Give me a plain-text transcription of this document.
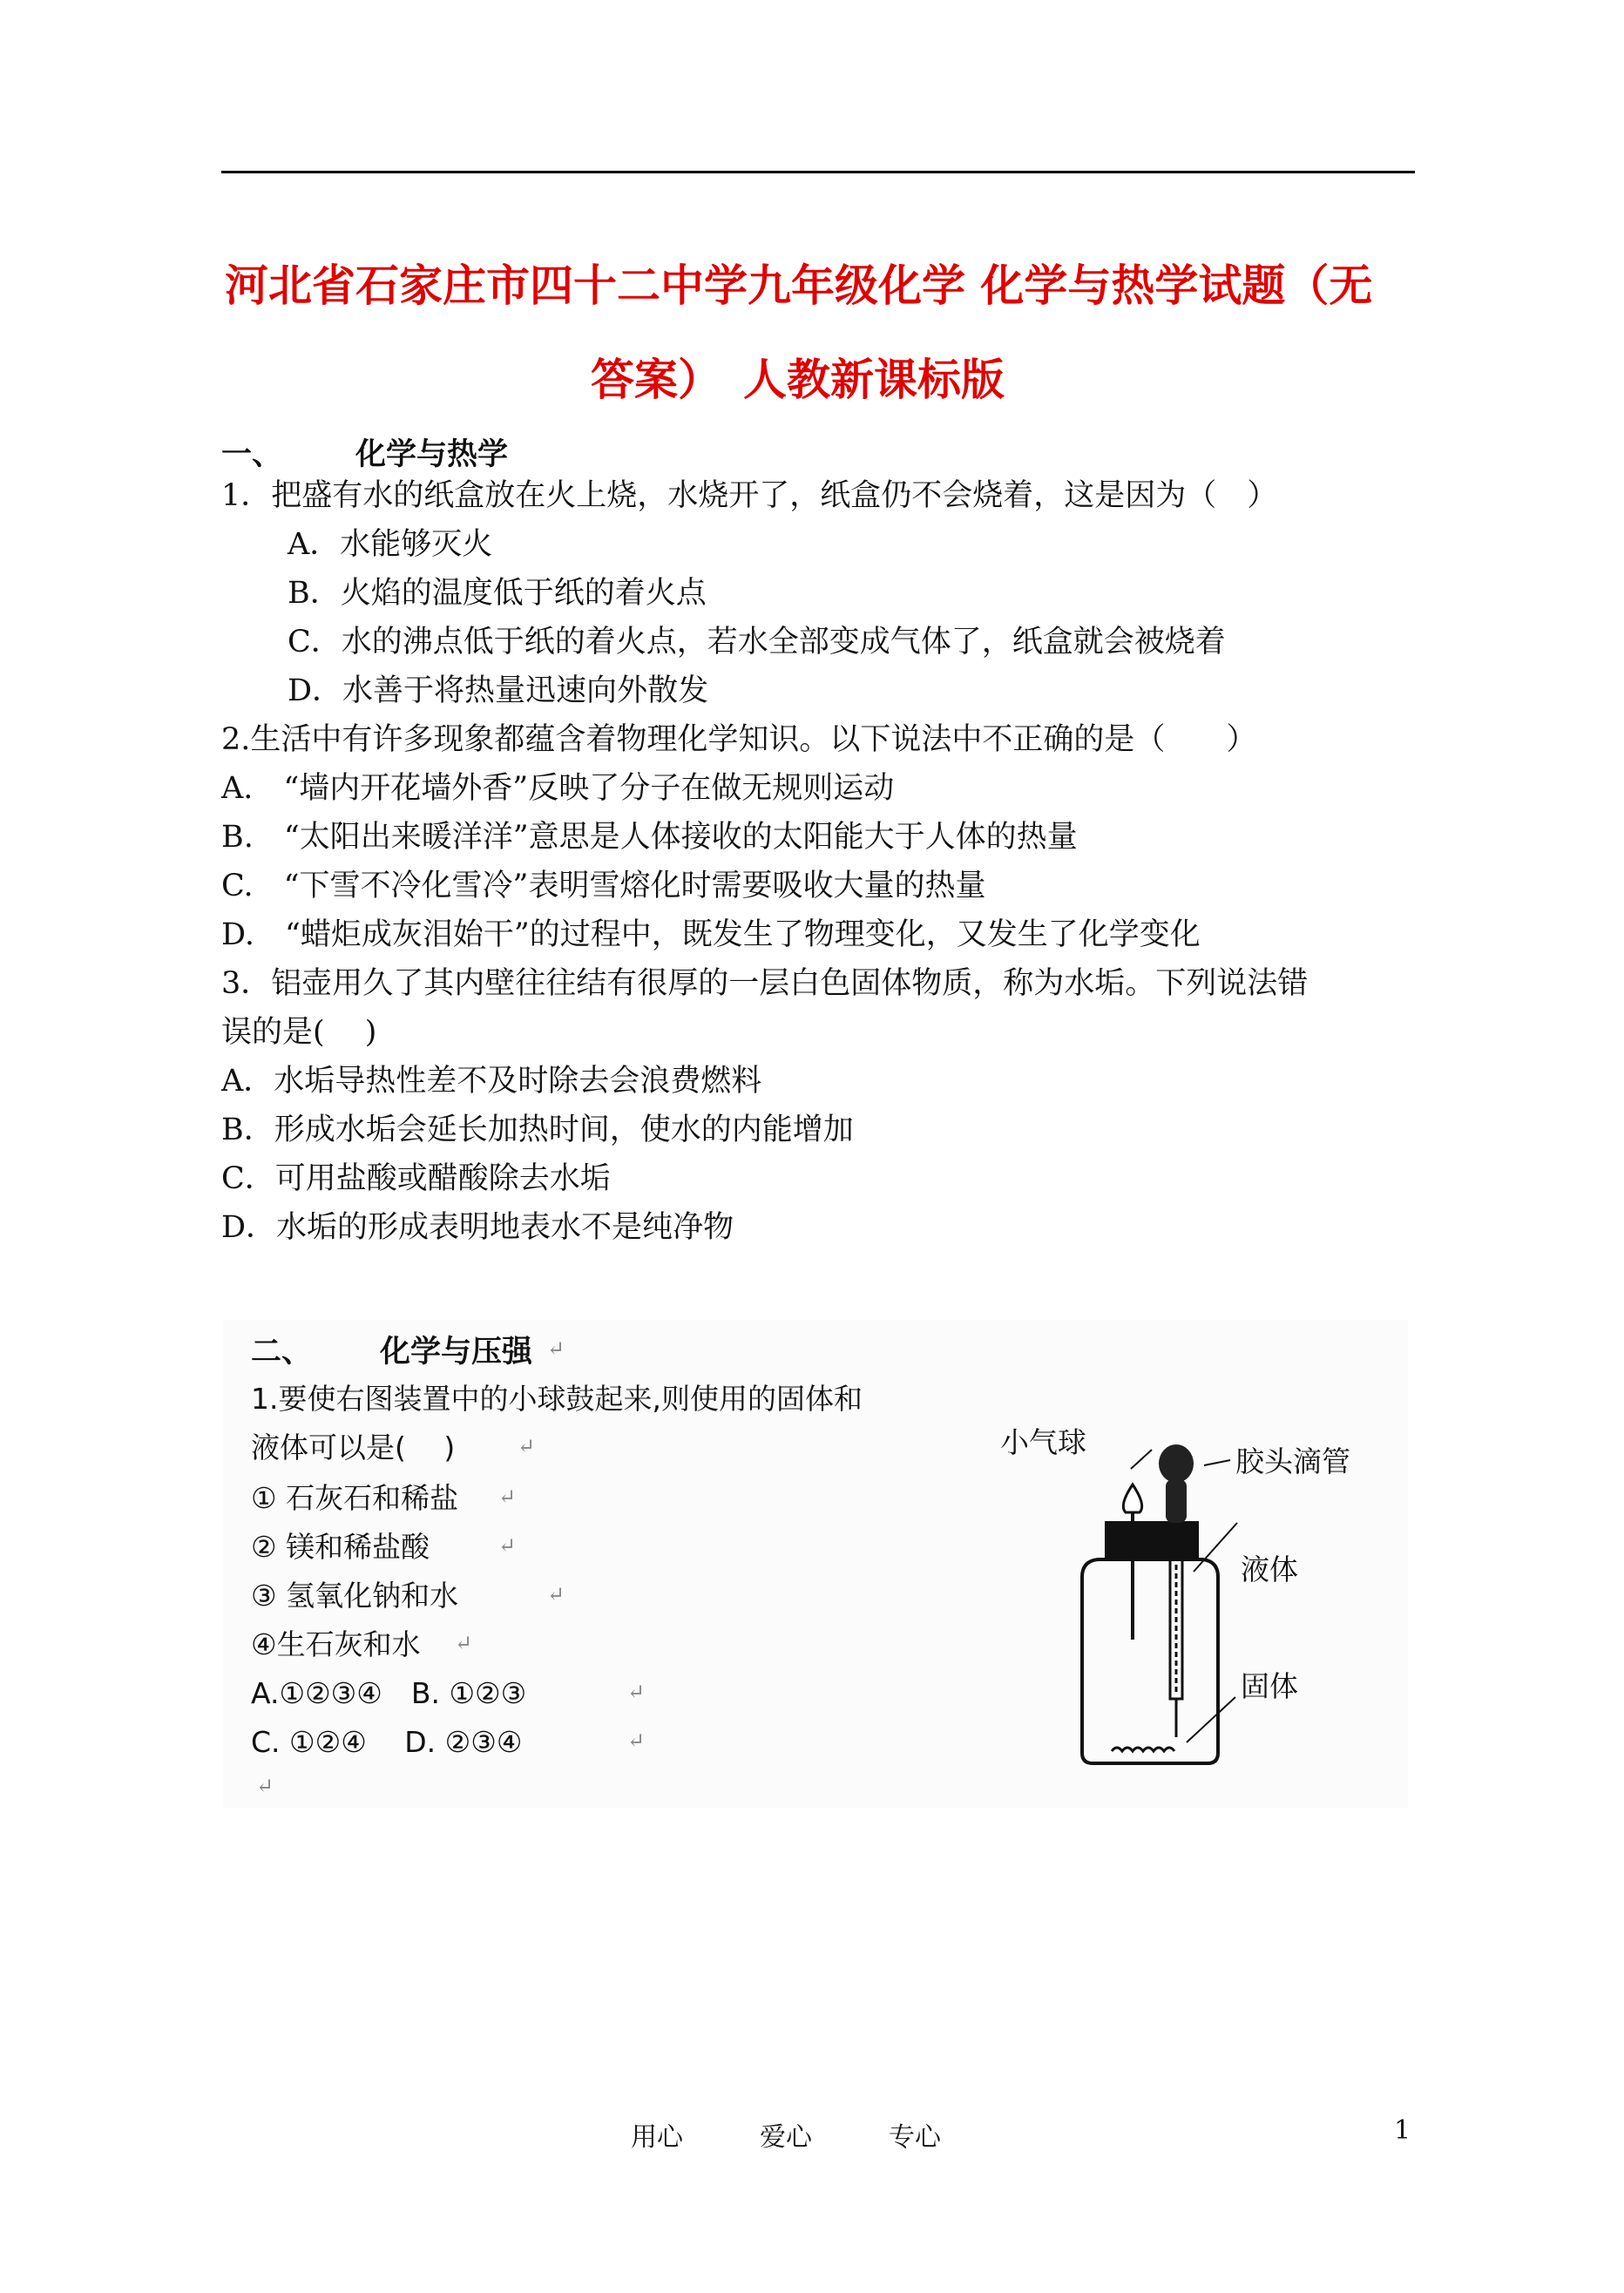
河北省石家庄市四十二中学九年级化学 化学与热学试题（无
答案）　人教新课标版
一、 化学与热学
1．把盛有水的纸盒放在火上烧，水烧开了，纸盒仍不会烧着，这是因为（　）
A．水能够灭火
B．火焰的温度低于纸的着火点
C．水的沸点低于纸的着火点，若水全部变成气体了，纸盒就会被烧着
D．水善于将热量迅速向外散发
2.生活中有许多现象都蕴含着物理化学知识。以下说法中不正确的是（　　）
A.　“墙内开花墙外香”反映了分子在做无规则运动
B.　“太阳出来暖洋洋”意思是人体接收的太阳能大于人体的热量
C.　“下雪不冷化雪冷”表明雪熔化时需要吸收大量的热量
D.　“蜡炬成灰泪始干”的过程中，既发生了物理变化，又发生了化学变化
3．铝壶用久了其内壁往往结有很厚的一层白色固体物质，称为水垢。下列说法错
误的是(　 )
A．水垢导热性差不及时除去会浪费燃料
B．形成水垢会延长加热时间，使水的内能增加
C．可用盐酸或醋酸除去水垢
D．水垢的形成表明地表水不是纯净物
二、 化学与压强 ↵
1.要使右图装置中的小球鼓起来,则使用的固体和
液体可以是(　 )	↵
① 石灰石和稀盐 ↵
② 镁和稀盐酸	↵
③ 氢氧化钠和水	↵
④生石灰和水 ↵
A.①②③④　B. ①②③	↵
C. ①②④　 D. ②③④	↵
↵
小气球
胶头滴管
液体
固体
用心	爱心	专心	1
